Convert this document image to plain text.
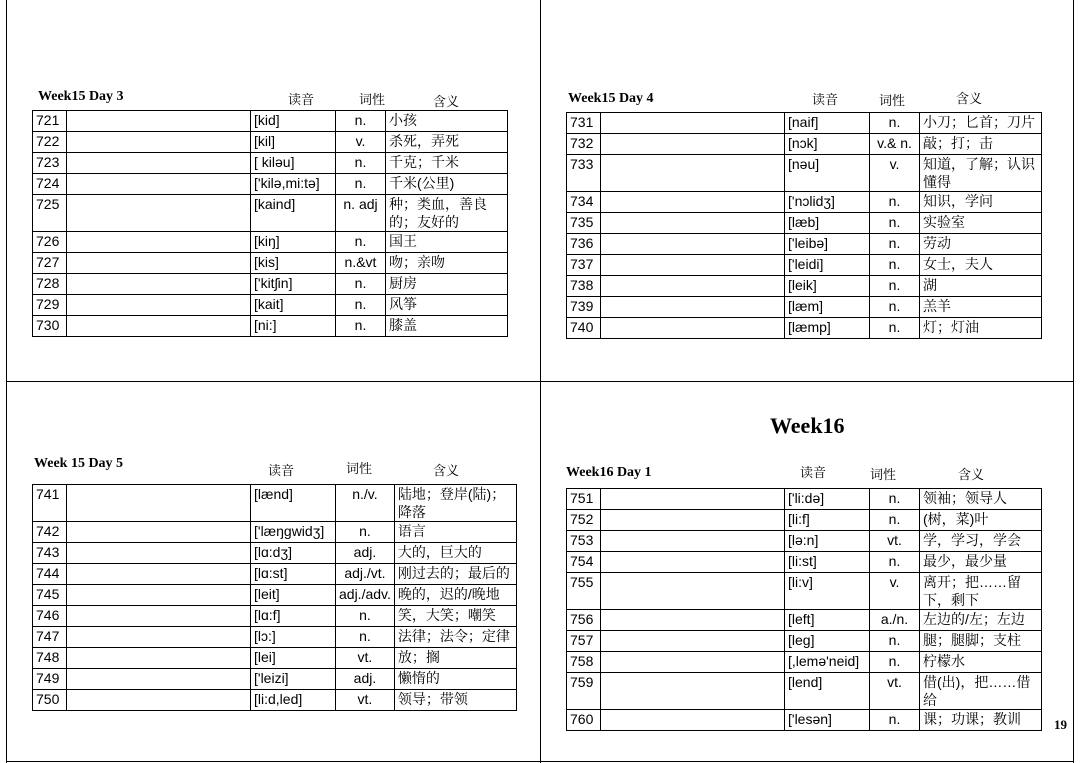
Week15 Day 3	读音	词性	含义
721		[kid]	n.	小孩
722		[kil]	v.	杀死，弄死
723		[ kiləu]	n.	千克；千米
724		['kilə,mi:tə]	n.	千米(公里)
725		[kaind]	n. adj	种；类血，善良的；友好的
726		[kiŋ]	n.	国王
727		[kis]	n.&vt	吻；亲吻
728		['kitʃin]	n.	厨房
729		[kait]	n.	风筝
730		[ni:]	n.	膝盖
Week15 Day 4	读音	词性	含义
731		[naif]	n.	小刀；匕首；刀片
732		[nɔk]	v.& n.	敲；打；击
733		[nəu]	v.	知道，了解；认识懂得
734		['nɔlidʒ]	n.	知识，学问
735		[læb]	n.	实验室
736		['leibə]	n.	劳动
737		['leidi]	n.	女士，夫人
738		[leik]	n.	湖
739		[læm]	n.	羔羊
740		[læmp]	n.	灯；灯油
Week 15 Day 5	读音	词性	含义
741		[lænd]	n./v.	陆地；登岸(陆)；降落
742		['læŋgwidʒ]	n.	语言
743		[lɑ:dʒ]	adj.	大的，巨大的
744		[lɑ:st]	adj./vt.	刚过去的；最后的
745		[leit]	adj./adv.	晚的，迟的/晚地
746		[lɑ:f]	n.	笑，大笑；嘲笑
747		[lɔ:]	n.	法律；法令；定律
748		[lei]	vt.	放；搁
749		['leizi]	adj.	懒惰的
750		[li:d,led]	vt.	领导；带领
Week16
Week16 Day 1	读音	词性	含义
751		['li:də]	n.	领袖；领导人
752		[li:f]	n.	(树，菜)叶
753		[lə:n]	vt.	学，学习，学会
754		[li:st]	n.	最少，最少量
755		[li:v]	v.	离开；把……留下，剩下
756		[left]	a./n.	左边的/左；左边
757		[leg]	n.	腿；腿脚；支柱
758		[,lemə'neid]	n.	柠檬水
759		[lend]	vt.	借(出)，把……借给
760		['lesən]	n.	课；功课；教训	19
